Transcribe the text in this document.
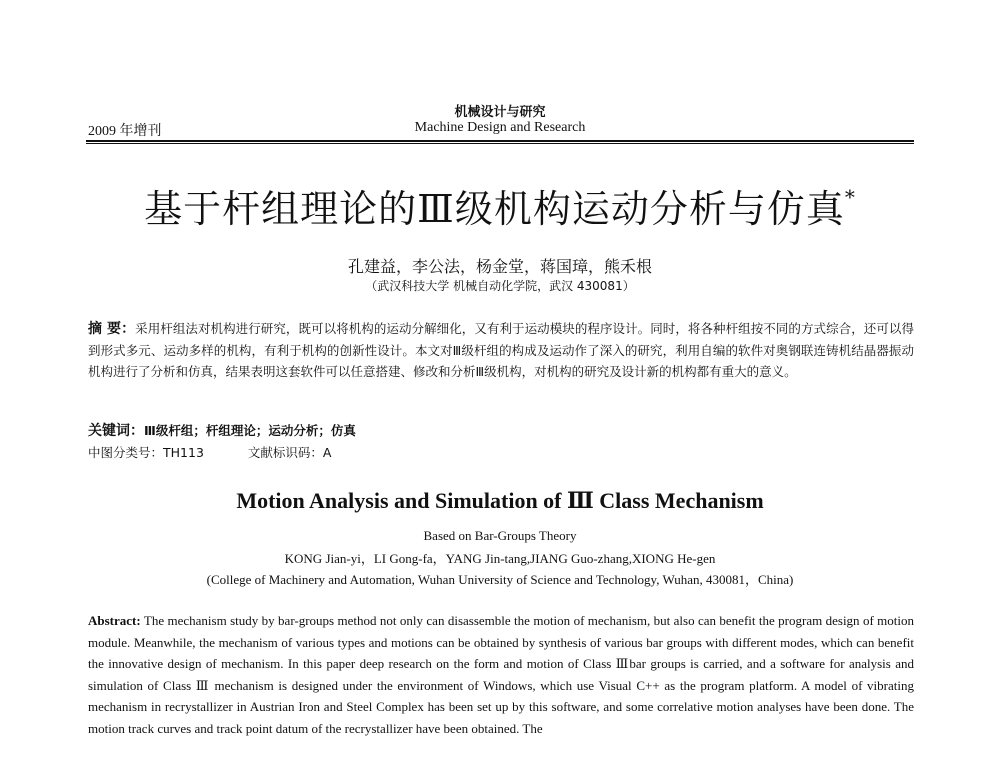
机械设计与研究
Machine Design and Research
2009 年增刊
基于杆组理论的Ⅲ级机构运动分析与仿真*
孔建益，李公法，杨金堂，蒋国璋，熊禾根
（武汉科技大学 机械自动化学院，武汉 430081）
摘 要：采用杆组法对机构进行研究，既可以将机构的运动分解细化，又有利于运动模块的程序设计。同时，将各种杆组按不同的方式综合，还可以得到形式多元、运动多样的机构，有利于机构的创新性设计。本文对Ⅲ级杆组的构成及运动作了深入的研究，利用自编的软件对奥钢联连铸机结晶器振动机构进行了分析和仿真，结果表明这套软件可以任意搭建、修改和分析Ⅲ级机构，对机构的研究及设计新的机构都有重大的意义。
关键词：Ⅲ级杆组；杆组理论；运动分析；仿真
中图分类号：TH113	文献标识码：A
Motion Analysis and Simulation of Ⅲ Class Mechanism
Based on Bar-Groups Theory
KONG Jian-yi，LI Gong-fa，YANG Jin-tang,JIANG Guo-zhang,XIONG He-gen
(College of Machinery and Automation, Wuhan University of Science and Technology, Wuhan, 430081，China)
Abstract: The mechanism study by bar-groups method not only can disassemble the motion of mechanism, but also can benefit the program design of motion module. Meanwhile, the mechanism of various types and motions can be obtained by synthesis of various bar groups with different modes, which can benefit the innovative design of mechanism. In this paper deep research on the form and motion of Class Ⅲbar groups is carried, and a software for analysis and simulation of Class Ⅲ mechanism is designed under the environment of Windows, which use Visual C++ as the program platform. A model of vibrating mechanism in recrystallizer in Austrian Iron and Steel Complex has been set up by this software, and some correlative motion analyses have been done. The motion track curves and track point datum of the recrystallizer have been obtained. The
